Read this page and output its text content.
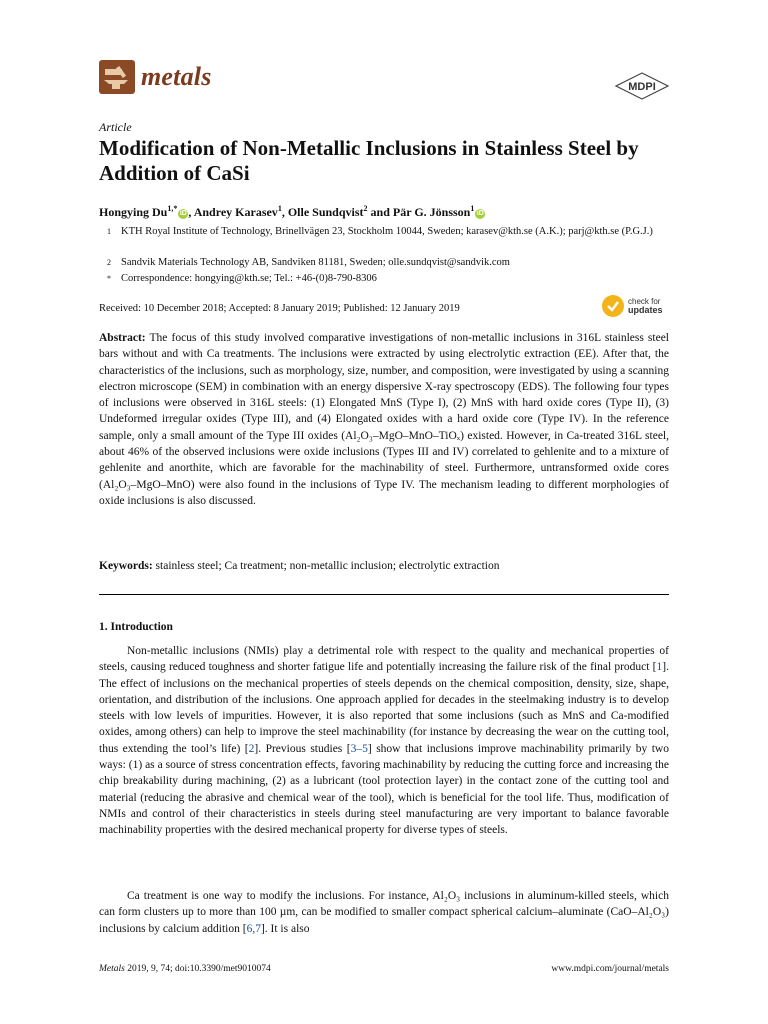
metals	MDPI
Article
Modification of Non-Metallic Inclusions in Stainless Steel by Addition of CaSi
Hongying $Du^{1,*}iD$ , Andrey Karasev$^1$, Olle Sundqvist$^2$ and Pär G. Jönsson$^1$iD
1 KTH Royal Institute of Technology, Brinellvägen 23, Stockholm 10044, Sweden; karasev@kth.se (A.K.); parj@kth.se (P.G.J.)
2 Sandvik Materials Technology AB, Sandviken 81181, Sweden; olle.sundqvist@sandvik.com
* Correspondence: hongying@kth.se; Tel.: +46-(0)8-790-8306
Received: 10 December 2018; Accepted: 8 January 2019; Published: 12 January 2019
check for
updates
Abstract: The focus of this study involved comparative investigations of non-metallic inclusions in 316L stainless steel bars without and with Ca treatments. The inclusions were extracted by using electrolytic extraction (EE). After that, the characteristics of the inclusions, such as morphology, size, number, and composition, were investigated by using a scanning electron microscope (SEM) in combination with an energy dispersive X-ray spectroscopy (EDS). The following four types of inclusions were observed in 316L steels: (1) Elongated MnS (Type I), (2) MnS with hard oxide cores (Type II), (3) Undeformed irregular oxides (Type III), and (4) Elongated oxides with a hard oxide core (Type IV). In the reference sample, only a small amount of the Type III oxides (Al₂O₃–MgO–MnO–TiOₓ) existed. However, in Ca-treated 316L steel, about 46% of the observed inclusions were oxide inclusions (Types III and IV) correlated to gehlenite and to a mixture of gehlenite and anorthite, which are favorable for the machinability of steel. Furthermore, untransformed oxide cores (Al₂O₃–MgO–MnO) were also found in the inclusions of Type IV. The mechanism leading to different morphologies of oxide inclusions is also discussed.
Keywords: stainless steel; Ca treatment; non-metallic inclusion; electrolytic extraction
1. Introduction

Non-metallic inclusions (NMIs) play a detrimental role with respect to the quality and mechanical properties of steels, causing reduced toughness and shorter fatigue life and potentially increasing the failure risk of the final product [1]. The effect of inclusions on the mechanical properties of steels depends on the chemical composition, density, size, shape, orientation, and distribution of the inclusions. One approach applied for decades in the steelmaking industry is to develop steels with low levels of impurities. However, it is also reported that some inclusions (such as MnS and Ca-modified oxides, among others) can help to improve the steel machinability (for instance by decreasing the wear on the cutting tool, thus extending the tool’s life) [2]. Previous studies [3–5] show that inclusions improve machinability primarily by two ways: (1) as a source of stress concentration effects, favoring machinability by reducing the cutting force and increasing the chip breakability during machining, (2) as a lubricant (tool protection layer) in the contact zone of the cutting tool and material (reducing the abrasive and chemical wear of the tool), which is beneficial for the tool life. Thus, modification of NMIs and control of their characteristics in steels during steel manufacturing are very important to balance favorable machinability properties with the desired mechanical property for diverse types of steels.

Ca treatment is one way to modify the inclusions. For instance, Al₂O₃ inclusions in aluminum-killed steels, which can form clusters up to more than 100 µm, can be modified to smaller compact spherical calcium–aluminate (CaO–Al₂O₃) inclusions by calcium addition [6,7]. It is also

Metals 2019, 9, 74; doi:10.3390/met9010074	www.mdpi.com/journal/metals
